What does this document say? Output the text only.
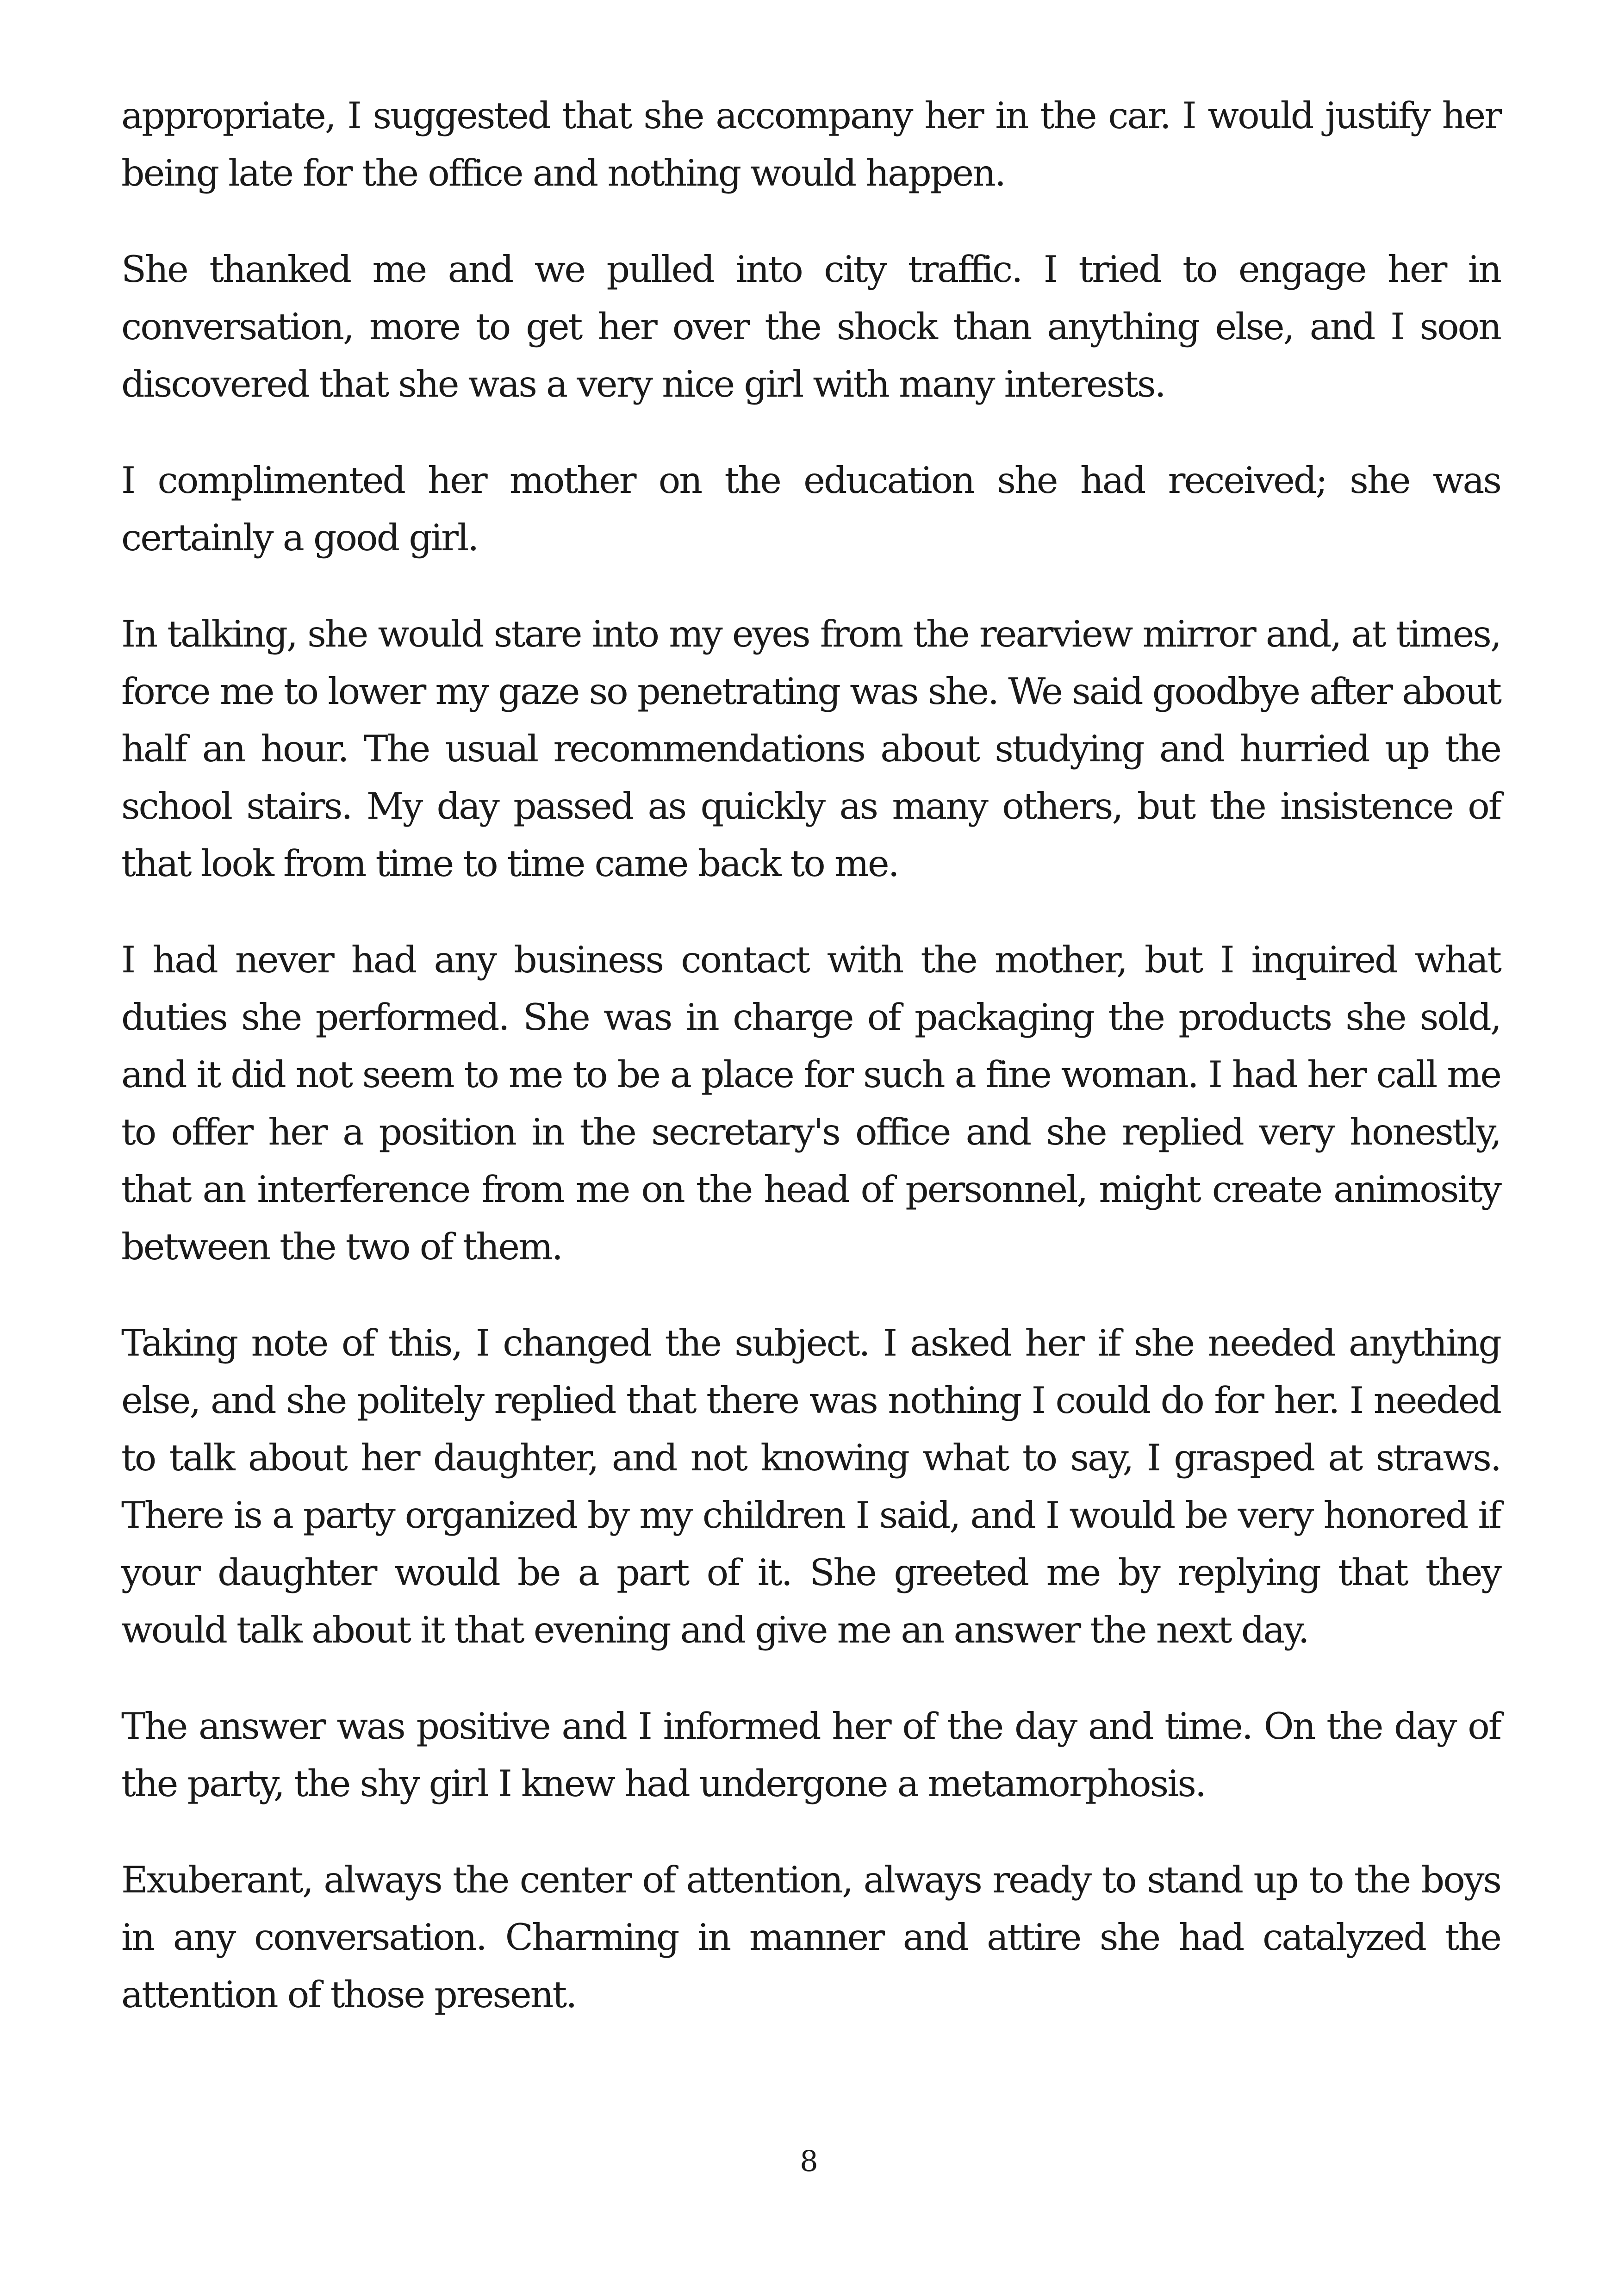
appropriate, I suggested that she accompany her in the car. I would justify her being late for the office and nothing would happen.

She thanked me and we pulled into city traffic. I tried to engage her in conversation, more to get her over the shock than anything else, and I soon discovered that she was a very nice girl with many interests.

I complimented her mother on the education she had received; she was certainly a good girl.

In talking, she would stare into my eyes from the rearview mirror and, at times, force me to lower my gaze so penetrating was she. We said goodbye after about half an hour. The usual recommendations about studying and hurried up the school stairs. My day passed as quickly as many others, but the insistence of that look from time to time came back to me.

I had never had any business contact with the mother, but I inquired what duties she performed. She was in charge of packaging the products she sold, and it did not seem to me to be a place for such a fine woman. I had her call me to offer her a position in the secretary's office and she replied very honestly, that an interference from me on the head of personnel, might create animosity between the two of them.

Taking note of this, I changed the subject. I asked her if she needed anything else, and she politely replied that there was nothing I could do for her. I needed to talk about her daughter, and not knowing what to say, I grasped at straws. There is a party organized by my children I said, and I would be very honored if your daughter would be a part of it. She greeted me by replying that they would talk about it that evening and give me an answer the next day.

The answer was positive and I informed her of the day and time. On the day of the party, the shy girl I knew had undergone a metamorphosis.

Exuberant, always the center of attention, always ready to stand up to the boys in any conversation. Charming in manner and attire she had catalyzed the attention of those present.

8
